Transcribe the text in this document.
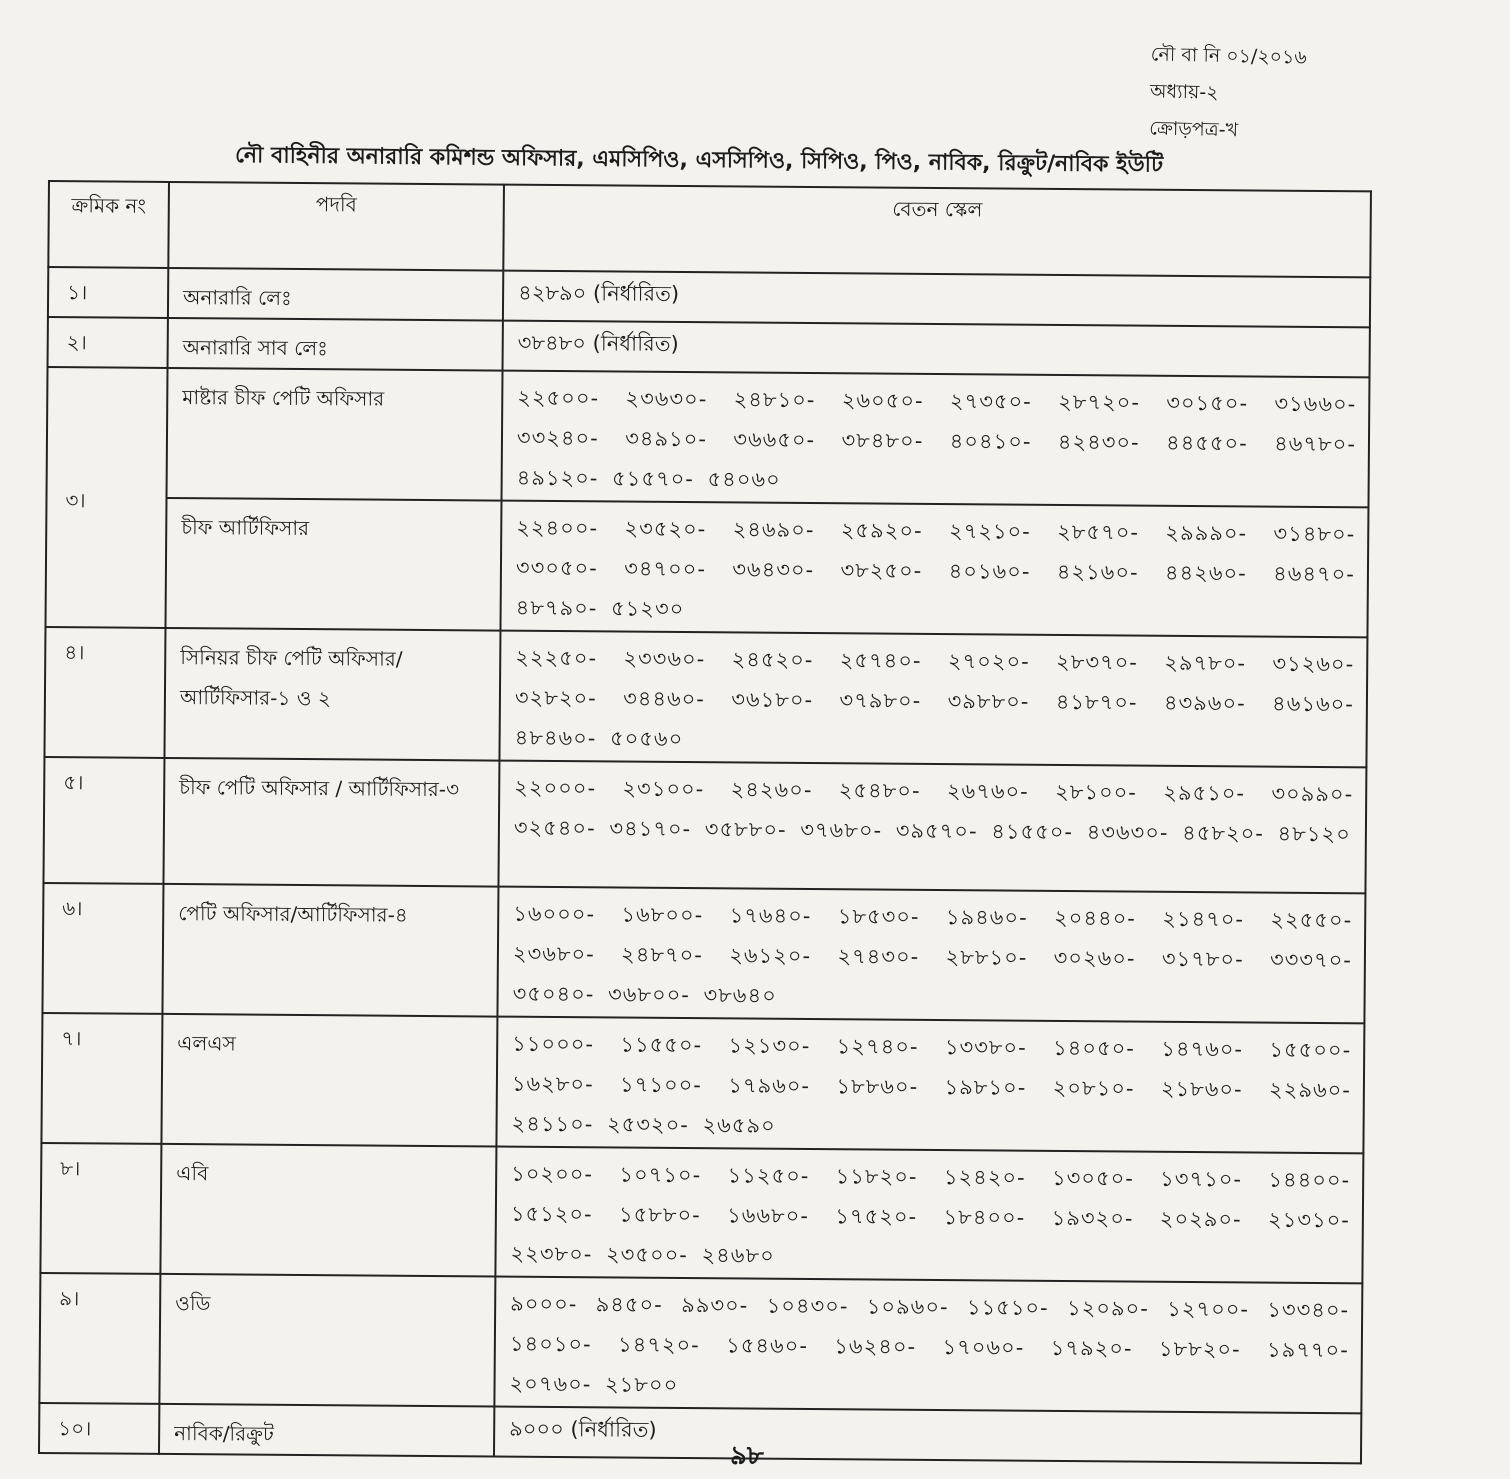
নৌ বা নি ০১/২০১৬
অধ্যায়-২
ক্রোড়পত্র-খ
নৌ বাহিনীর অনারারি কমিশন্ড অফিসার, এমসিপিও, এসসিপিও, সিপিও, পিও, নাবিক, রিক্রুট/নাবিক ইউটি
ক্রমিক নং	পদবি	বেতন স্কেল
১।	অনারারি লেঃ	৪২৮৯০ (নির্ধারিত)
২।	অনারারি সাব লেঃ	৩৮৪৮০ (নির্ধারিত)
৩।	মাষ্টার চীফ পেটি অফিসার	২২৫০০- ২৩৬৩০- ২৪৮১০- ২৬০৫০- ২৭৩৫০- ২৮৭২০- ৩০১৫০- ৩১৬৬০- ৩৩২৪০- ৩৪৯১০- ৩৬৬৫০- ৩৮৪৮০- ৪০৪১০- ৪২৪৩০- ৪৪৫৫০- ৪৬৭৮০- ৪৯১২০- ৫১৫৭০- ৫৪০৬০

	চীফ আর্টিফিসার	২২৪০০- ২৩৫২০- ২৪৬৯০- ২৫৯২০- ২৭২১০- ২৮৫৭০- ২৯৯৯০- ৩১৪৮০- ৩৩০৫০- ৩৪৭০০- ৩৬৪৩০- ৩৮২৫০- ৪০১৬০- ৪২১৬০- ৪৪২৬০- ৪৬৪৭০- ৪৮৭৯০- ৫১২৩০

৪।	সিনিয়র চীফ পেটি অফিসার/ আর্টিফিসার-১ ও ২	২২২৫০- ২৩৩৬০- ২৪৫২০- ২৫৭৪০- ২৭০২০- ২৮৩৭০- ২৯৭৮০- ৩১২৬০- ৩২৮২০- ৩৪৪৬০- ৩৬১৮০- ৩৭৯৮০- ৩৯৮৮০- ৪১৮৭০- ৪৩৯৬০- ৪৬১৬০- ৪৮৪৬০- ৫০৫৬০

৫।	চীফ পেটি অফিসার / আর্টিফিসার-৩	২২০০০- ২৩১০০- ২৪২৬০- ২৫৪৮০- ২৬৭৬০- ২৮১০০- ২৯৫১০- ৩০৯৯০- ৩২৫৪০- ৩৪১৭০- ৩৫৮৮০- ৩৭৬৮০- ৩৯৫৭০- ৪১৫৫০- ৪৩৬৩০- ৪৫৮২০- ৪৮১২০

৬।	পেটি অফিসার/আর্টিফিসার-৪	১৬০০০- ১৬৮০০- ১৭৬৪০- ১৮৫৩০- ১৯৪৬০- ২০৪৪০- ২১৪৭০- ২২৫৫০- ২৩৬৮০- ২৪৮৭০- ২৬১২০- ২৭৪৩০- ২৮৮১০- ৩০২৬০- ৩১৭৮০- ৩৩৩৭০- ৩৫০৪০- ৩৬৮০০- ৩৮৬৪০

৭।	এলএস	১১০০০- ১১৫৫০- ১২১৩০- ১২৭৪০- ১৩৩৮০- ১৪০৫০- ১৪৭৬০- ১৫৫০০- ১৬২৮০- ১৭১০০- ১৭৯৬০- ১৮৮৬০- ১৯৮১০- ২০৮১০- ২১৮৬০- ২২৯৬০- ২৪১১০- ২৫৩২০- ২৬৫৯০

৮।	এবি	১০২০০- ১০৭১০- ১১২৫০- ১১৮২০- ১২৪২০- ১৩০৫০- ১৩৭১০- ১৪৪০০- ১৫১২০- ১৫৮৮০- ১৬৬৮০- ১৭৫২০- ১৮৪০০- ১৯৩২০- ২০২৯০- ২১৩১০- ২২৩৮০- ২৩৫০০- ২৪৬৮০

৯।	ওডি	৯০০০- ৯৪৫০- ৯৯৩০- ১০৪৩০- ১০৯৬০- ১১৫১০- ১২০৯০- ১২৭০০- ১৩৩৪০- ১৪০১০- ১৪৭২০- ১৫৪৬০- ১৬২৪০- ১৭০৬০- ১৭৯২০- ১৮৮২০- ১৯৭৭০- ২০৭৬০- ২১৮০০

১০।	নাবিক/রিক্রুট	৯০০০ (নির্ধারিত)
৯৮
